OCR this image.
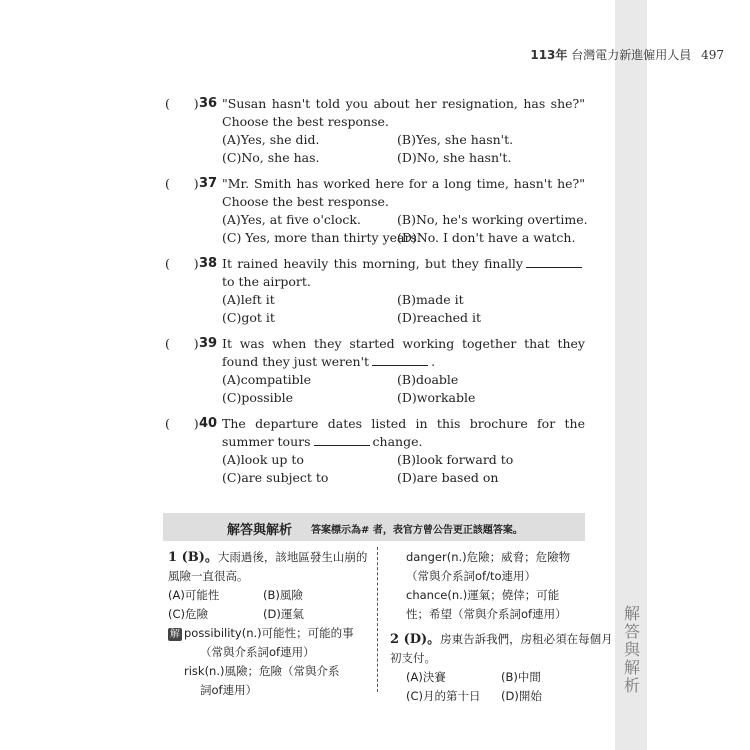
解答與解析
113年 台灣電力新進僱用人員 497
(      ) 36 "Susan hasn't told you about her resignation, has she?" Choose the best response.
(A)Yes, she did.	(B)Yes, she hasn't.
(C)No, she has.	(D)No, she hasn't.
(      ) 37 "Mr. Smith has worked here for a long time, hasn't he?" Choose the best response.
(A)Yes, at five o'clock.	(B)No, he's working overtime.
(C) Yes, more than thirty years.
(D)No. I don't have a watch.
(      ) 38 It rained heavily this morning, but they finallyto the airport.
(A)left it	(B)made it
(C)got it	(D)reached it
(      ) 39 It was when they started working together that they found they just weren't	.
(A)compatible	(B)doable
(C)possible	(D)workable
(      ) 40 The departure dates listed in this brochure for the summer tours	change.
(A)look up to	(B)look forward to
(C)are subject to	(D)are based on
解答與解析 答案標示為# 者，表官方曾公告更正該題答案。
1 (B)。大雨過後，該地區發生山崩的風險一直很高。
(A)可能性	(B)風險
(C)危險	(D)運氣
解 possibility(n.)可能性；可能的事
（常與介系詞of連用）
risk(n.)風險；危險（常與介系
詞of連用）
danger(n.)危險；威脅；危險物
（常與介系詞of/to連用）
chance(n.)運氣；僥倖；可能
性；希望（常與介系詞of連用）
2 (D)。房東告訴我們，房租必須在每個月初支付。
(A)決賽	(B)中間
(C)月的第十日	(D)開始
